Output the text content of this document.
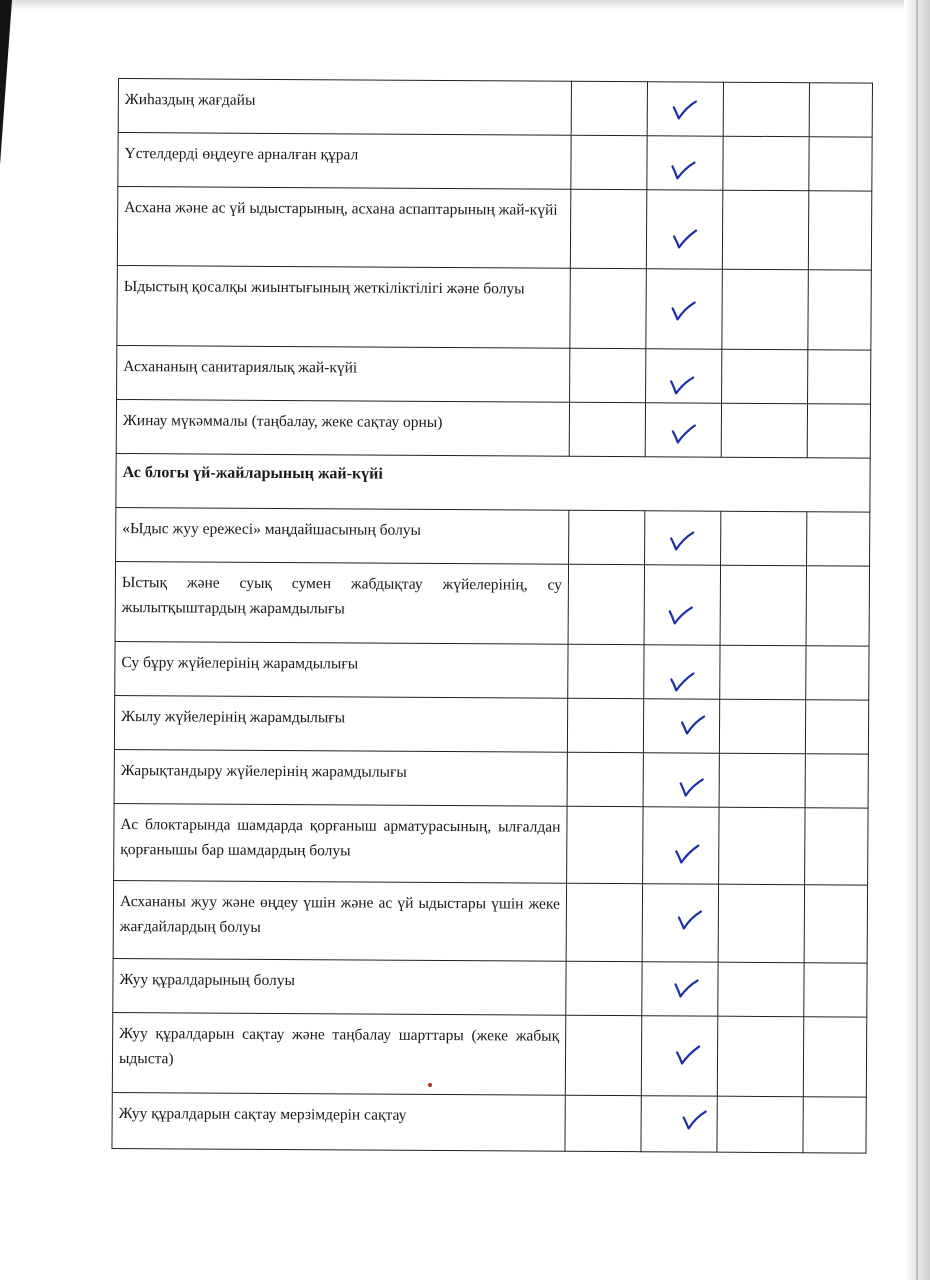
Жиһаздың жағдайы		

Үстелдерді өңдеуге арналған құрал		

Асхана және ас үй ыдыстарының, асхана аспаптарының жай-күйі		

Ыдыстың қосалқы жиынтығының жеткіліктілігі және болуы		

Асхананың санитариялық жай-күйі		

Жинау мүкәммалы (таңбалау, жеке сақтау орны)		

Ас блогы үй-жайларының жай-күйі				
«Ыдыс жуу ережесі» маңдайшасының болуы		

Ыстық және суық сумен жабдықтау жүйелерінің, су жылытқыштардың жарамдылығы		

Су бұру жүйелерінің жарамдылығы		

Жылу жүйелерінің жарамдылығы		

Жарықтандыру жүйелерінің жарамдылығы		

Ас блоктарында шамдарда қорғаныш арматурасының, ылғалдан қорғанышы бар шамдардың болуы		

Асхананы жуу және өңдеу үшін және ас үй ыдыстары үшін жеке жағдайлардың болуы		

Жуу құралдарының болуы		

Жуу құралдарын сақтау және таңбалау шарттары (жеке жабық ыдыста)		

Жуу құралдарын сақтау мерзімдерін сақтау		
